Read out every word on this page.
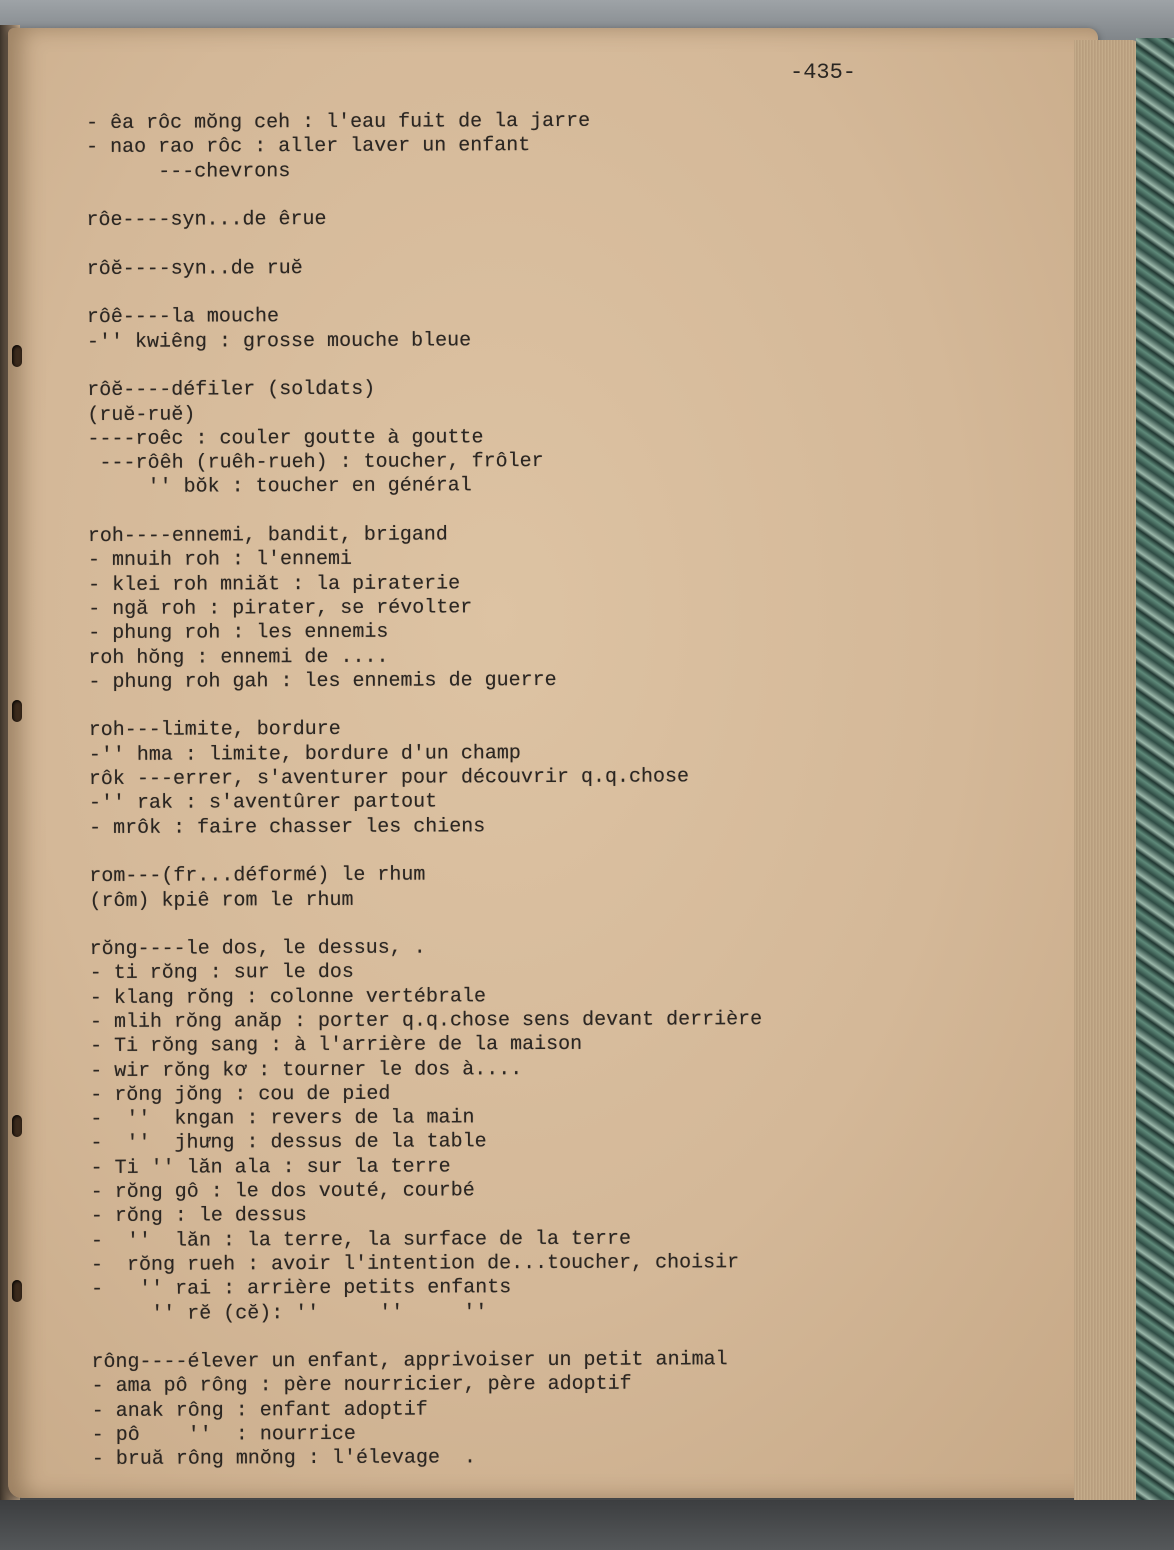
-435-
- êa rôc mŏng ceh : l'eau fuit de la jarre
- nao rao rôc : aller laver un enfant
---chevrons
rôe----syn...de êrue
rôĕ----syn..de ruĕ
rôê----la mouche
-'' kwiêng : grosse mouche bleue
rôĕ----défiler (soldats)
(ruĕ-ruĕ)
----roêc : couler goutte à goutte
---rôêh (ruêh-rueh) : toucher, frôler
'' bŏk : toucher en général
roh----ennemi, bandit, brigand
- mnuih roh : l'ennemi
- klei roh mniăt : la piraterie
- ngă roh : pirater, se révolter
- phung roh : les ennemis
roh hŏng : ennemi de ....
- phung roh gah : les ennemis de guerre
roh---limite, bordure
-'' hma : limite, bordure d'un champ
rôk ---errer, s'aventurer pour découvrir q.q.chose
-'' rak : s'aventûrer partout
- mrôk : faire chasser les chiens
rom---(fr...déformé) le rhum
(rôm) kpiê rom le rhum
rŏng----le dos, le dessus, .
- ti rŏng : sur le dos
- klang rŏng : colonne vertébrale
- mlih rŏng anăp : porter q.q.chose sens devant derrière
- Ti rŏng sang : à l'arrière de la maison
- wir rŏng kơ : tourner le dos à....
- rŏng jŏng : cou de pied
-  ''  kngan : revers de la main
-  ''  jhưng : dessus de la table
- Ti '' lăn ala : sur la terre
- rŏng gô : le dos vouté, courbé
- rŏng : le dessus
-  ''  lăn : la terre, la surface de la terre
-  rŏng rueh : avoir l'intention de...toucher, choisir
-   '' rai : arrière petits enfants
'' rĕ (cĕ): ''     ''     ''
rông----élever un enfant, apprivoiser un petit animal
- ama pô rông : père nourricier, père adoptif
- anak rông : enfant adoptif
- pô    ''  : nourrice
- bruă rông mnŏng : l'élevage  .
